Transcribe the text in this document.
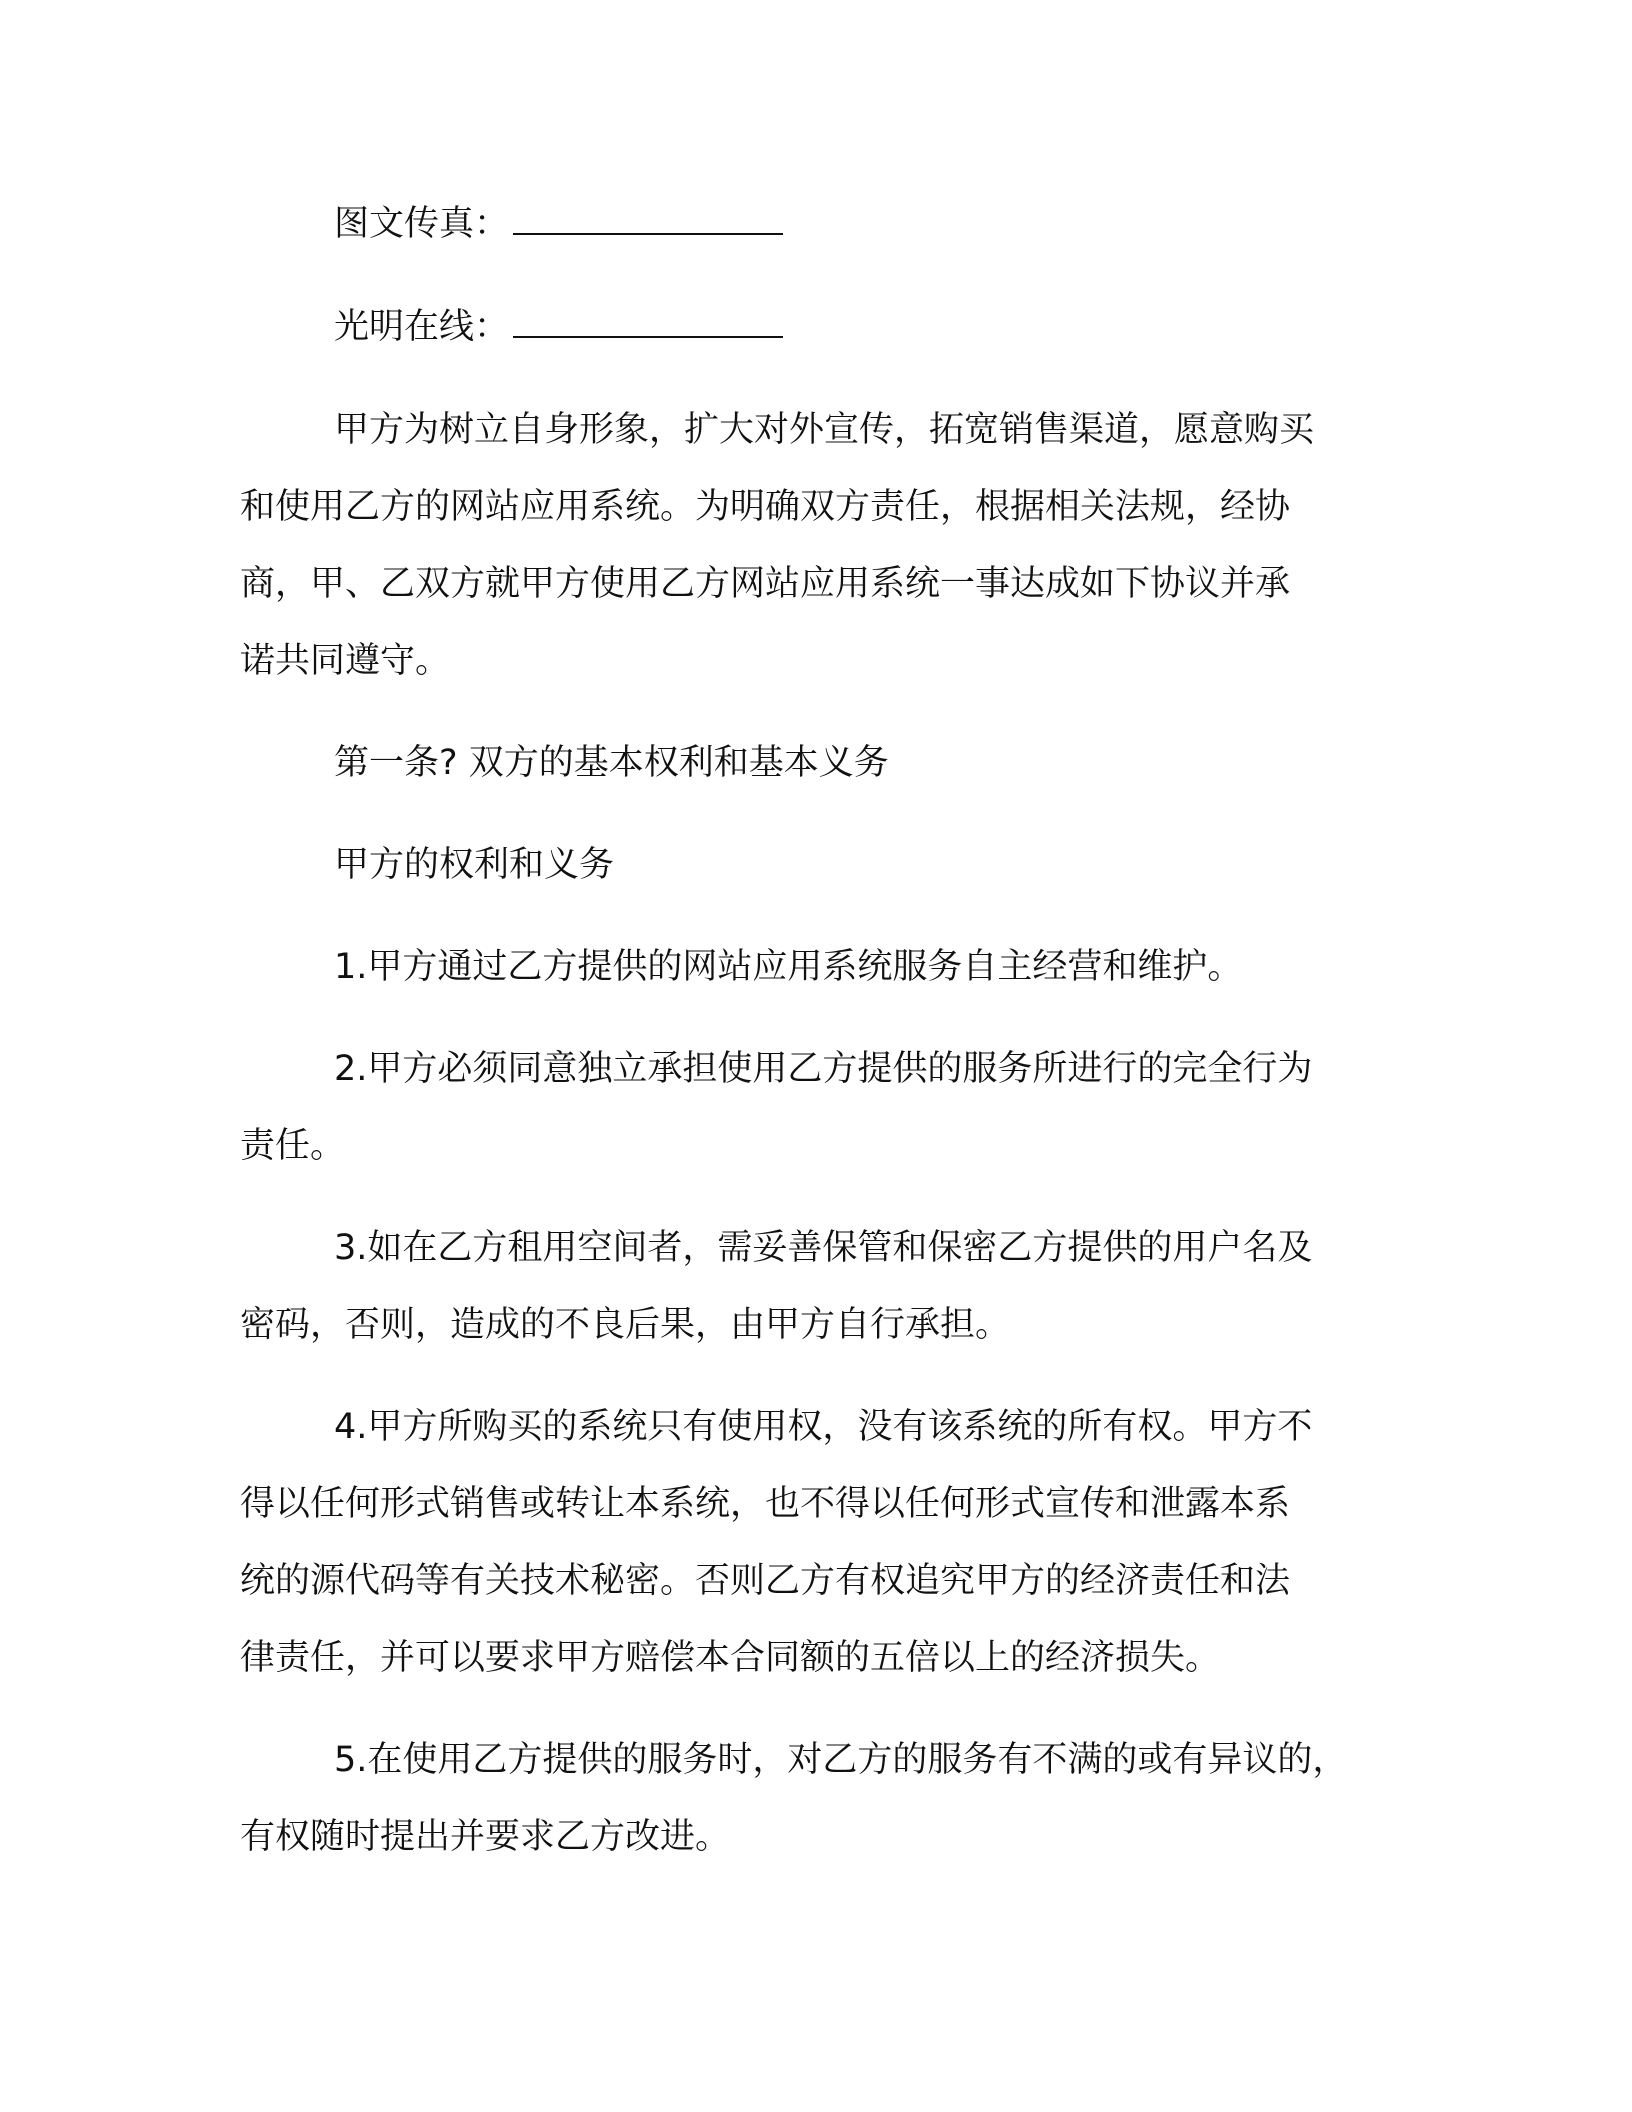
图文传真：

光明在线：

甲方为树立自身形象，扩大对外宣传，拓宽销售渠道，愿意购买
和使用乙方的网站应用系统。为明确双方责任，根据相关法规，经协
商，甲、乙双方就甲方使用乙方网站应用系统一事达成如下协议并承
诺共同遵守。

第一条? 双方的基本权利和基本义务

甲方的权利和义务

1.甲方通过乙方提供的网站应用系统服务自主经营和维护。

2.甲方必须同意独立承担使用乙方提供的服务所进行的完全行为
责任。

3.如在乙方租用空间者，需妥善保管和保密乙方提供的用户名及
密码，否则，造成的不良后果，由甲方自行承担。

4.甲方所购买的系统只有使用权，没有该系统的所有权。甲方不
得以任何形式销售或转让本系统，也不得以任何形式宣传和泄露本系
统的源代码等有关技术秘密。否则乙方有权追究甲方的经济责任和法
律责任，并可以要求甲方赔偿本合同额的五倍以上的经济损失。

5.在使用乙方提供的服务时，对乙方的服务有不满的或有异议的，
有权随时提出并要求乙方改进。
